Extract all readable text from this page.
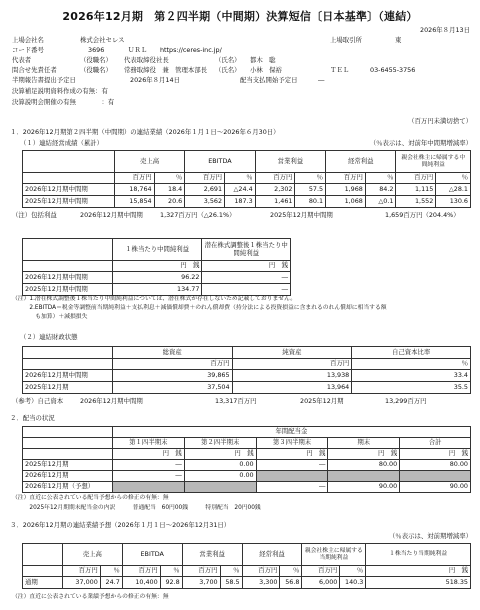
2026年12月期　第２四半期（中間期）決算短信〔日本基準〕（連結）
2026年８月13日
上場会社名	株式会社セレス	上場取引所	東
コード番号	3696	ＵＲＬ https://ceres-inc.jp/
代表者	（役職名） 代表取締役社長	（氏名） 都木　聡
問合せ先責任者	（役職名） 常務取締役　兼　管理本部長 （氏名） 小林　保裕	ＴＥＬ	03-6455-3756
半期報告書提出予定日	2026年８月14日	配当支払開始予定日	―
決算補足説明資料作成の有無：有
決算説明会開催の有無　　　　：有
（百万円未満切捨て）
１．2026年12月期第２四半期（中間期）の連結業績（2026年１月１日～2026年６月30日）
（１）連結経営成績（累計）	（％表示は、対前年中間期増減率）
	売上高		EBITDA		営業利益		経常利益		親会社株主に帰属する中間純利益	
	百万円	％	百万円	％	百万円	％	百万円	％	百万円	％
2026年12月期中間期	18,764	18.4	2,691	△24.4	2,302	57.5	1,968	84.2	1,115	△28.1
2025年12月期中間期	15,854	20.6	3,562	187.3	1,461	80.1	1,068	△0.1	1,552	130.6
（注）包括利益	2026年12月期中間期	1,327百万円（△26.1%）	2025年12月期中間期	1,659百万円（204.4%）
	１株当たり中間純利益	潜在株式調整後１株当たり中間純利益
	円　銭	円　銭
2026年12月期中間期	96.22	―
2025年12月期中間期	134.77	―
（注）1.潜在株式調整後１株当たり中間純利益については、潜在株式が存在しないため記載しておりません。
　　　2.EBITDA＝税金等調整前当期純利益＋支払利息＋減価償却費＋のれん償却費（持分法による投資損益に含まれるのれん償却に相当する額
　　　　も加算）＋減損損失
（２）連結財政状態
	総資産	純資産	自己資本比率
	百万円	百万円	％
2026年12月期中間期	39,865	13,938	33.4
2025年12月期	37,504	13,964	35.5
（参考）自己資本	2026年12月期中間期	13,317百万円	2025年12月期	13,299百万円
２．配当の状況
	年間配当金				
	第１四半期末	第２四半期末	第３四半期末	期末	合計
	円　銭	円　銭	円　銭	円　銭	円　銭
2025年12月期	―	0.00	―	80.00	80.00
2026年12月期	―	0.00			
2026年12月期（予想）			―	90.00	90.00
（注）直近に公表されている配当予想からの修正の有無：無
　　　2025年12月期期末配当金の内訳　　　普通配当　60円00銭　　　特別配当　20円00銭
３．2026年12月期の連結業績予想（2026年１月１日～2026年12月31日）
（％表示は、対前期増減率）
	売上高		EBITDA		営業利益		経常利益		親会社株主に帰属する当期純利益		１株当たり当期純利益
	百万円	％	百万円	％	百万円	％	百万円	％	百万円	％	円　銭
通期	37,000	24.7	10,400	92.8	3,700	58.5	3,300	56.8	6,000	140.3	518.35
（注）直近に公表されている業績予想からの修正の有無：無
